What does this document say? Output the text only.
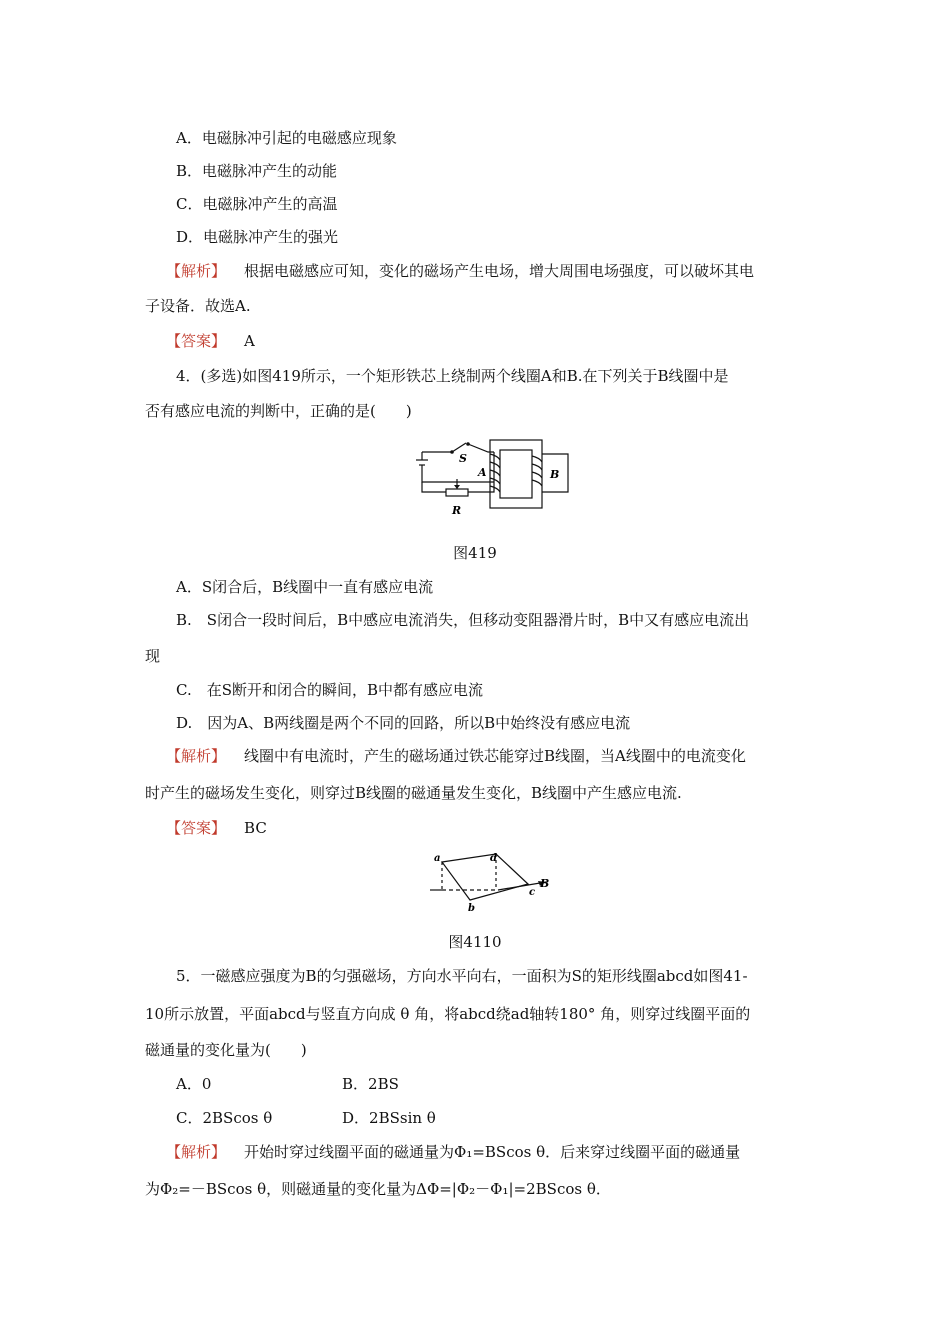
A．电磁脉冲引起的电磁感应现象
B．电磁脉冲产生的动能
C．电磁脉冲产生的高温
D．电磁脉冲产生的强光
【解析】 根据电磁感应可知，变化的磁场产生电场，增大周围电场强度，可以破坏其电
子设备．故选A.
【答案】 A
4．(多选)如图419所示，一个矩形铁芯上绕制两个线圈A和B.在下列关于B线圈中是
否有感应电流的判断中，正确的是(　　)
S
A	B
R
图419
A．S闭合后，B线圈中一直有感应电流
B.　S闭合一段时间后，B中感应电流消失，但移动变阻器滑片时，B中又有感应电流出
现
C.　在S断开和闭合的瞬间，B中都有感应电流
D.　因为A、B两线圈是两个不同的回路，所以B中始终没有感应电流
【解析】 线圈中有电流时，产生的磁场通过铁芯能穿过B线圈，当A线圈中的电流变化
时产生的磁场发生变化，则穿过B线圈的磁通量发生变化，B线圈中产生感应电流.
【答案】 BC
a	d
b
c
B
图4110
5．一磁感应强度为B的匀强磁场，方向水平向右，一面积为S的矩形线圈abcd如图41-
10所示放置，平面abcd与竖直方向成 θ 角，将abcd绕ad轴转180° 角，则穿过线圈平面的
磁通量的变化量为(　　)
A．0	B．2BS
C．2BScos θ	D．2BSsin θ
【解析】 开始时穿过线圈平面的磁通量为Φ₁=BScos θ．后来穿过线圈平面的磁通量
为Φ₂=－BScos θ，则磁通量的变化量为ΔΦ=|Φ₂－Φ₁|=2BScos θ．
